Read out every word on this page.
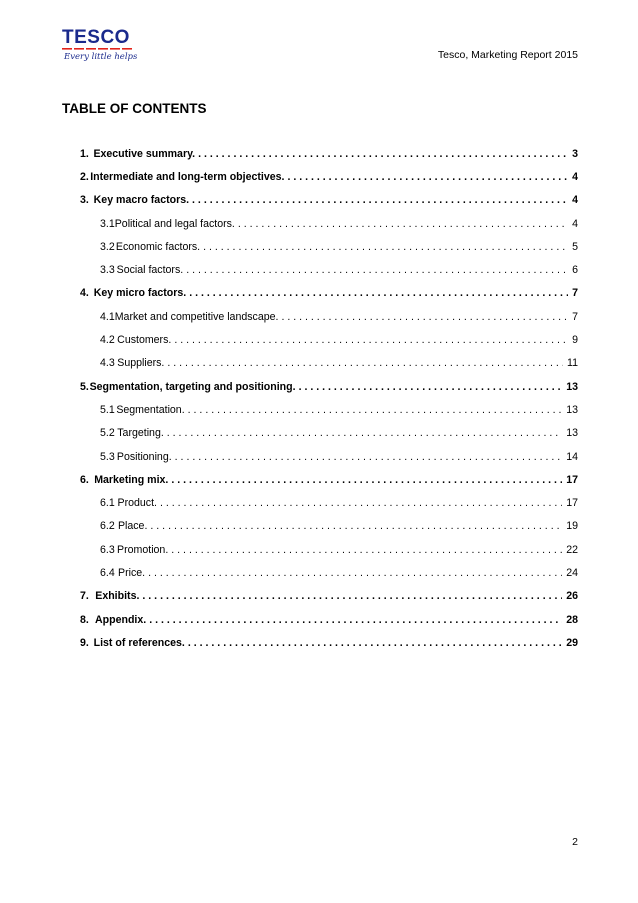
TESCO
Every little helps	Tesco, Marketing Report 2015
TABLE OF CONTENTS
1. Executive summary. . . .	3
2. Intermediate and long-term objectives. . . .	4
3. Key macro factors. . . .	4
3.1 Political and legal factors. . . .	4
3.2 Economic factors. . . .	5
3.3 Social factors. . . .	6
4. Key micro factors. . . .	7
4.1 Market and competitive landscape. . . .	7
4.2 Customers. . . .	9
4.3 Suppliers. . . .	11
5. Segmentation, targeting and positioning. . . .	13
5.1 Segmentation. . . .	13
5.2 Targeting. . . .	13
5.3 Positioning. . . .	14
6. Marketing mix. . . .	17
6.1 Product. . . .	17
6.2 Place. . . .	19
6.3 Promotion. . . .	22
6.4 Price. . . .	24
7. Exhibits. . . .	26
8. Appendix. . . .	28
9. List of references. . . .	29
2
